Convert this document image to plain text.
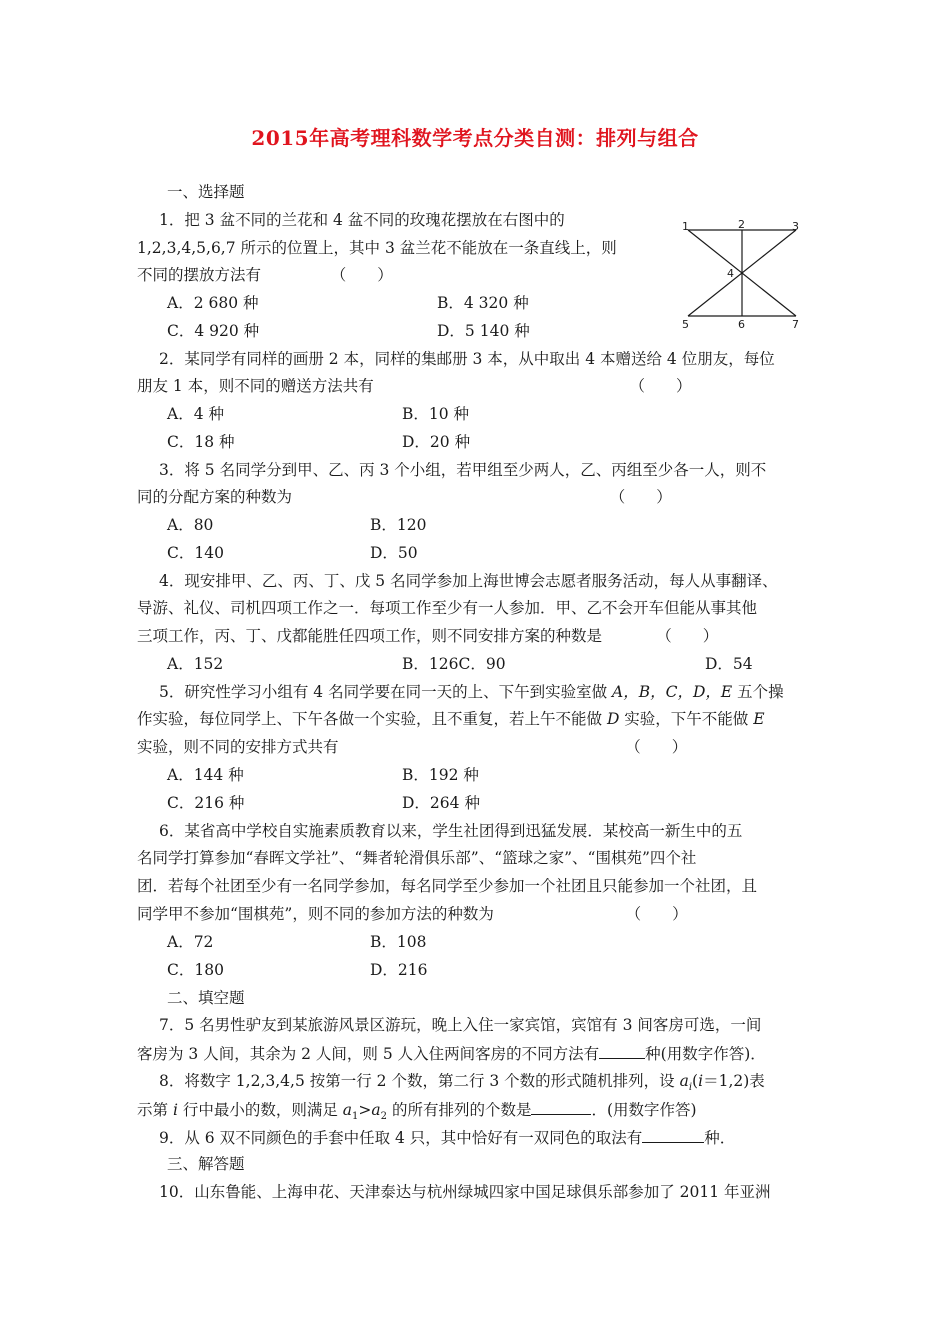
2015年高考理科数学考点分类自测：排列与组合
一、选择题
1．把 3 盆不同的兰花和 4 盆不同的玫瑰花摆放在右图中的
1,2,3,4,5,6,7 所示的位置上，其中 3 盆兰花不能放在一条直线上，则
不同的摆放方法有　　　　　（　　）
A．2 680 种	B．4 320 种
C．4 920 种	D．5 140 种
1	2	3
4
5	6	7
2．某同学有同样的画册 2 本，同样的集邮册 3 本，从中取出 4 本赠送给 4 位朋友，每位
朋友 1 本，则不同的赠送方法共有　　　　　　　　　　　　　　　　　（　　）
A．4 种	B．10 种
C．18 种	D．20 种
3．将 5 名同学分到甲、乙、丙 3 个小组，若甲组至少两人，乙、丙组至少各一人，则不
同的分配方案的种数为　　　　　　　　　　　　　　　　　　　　　（　　）
A．80	B．120
C．140	D．50
4．现安排甲、乙、丙、丁、戊 5 名同学参加上海世博会志愿者服务活动，每人从事翻译、
导游、礼仪、司机四项工作之一．每项工作至少有一人参加．甲、乙不会开车但能从事其他
三项工作，丙、丁、戊都能胜任四项工作，则不同安排方案的种数是　　　　（　　）
A．152	B．126C．90	D．54
5．研究性学习小组有 4 名同学要在同一天的上、下午到实验室做 A，B，C，D，E 五个操
作实验，每位同学上、下午各做一个实验，且不重复，若上午不能做 D 实验，下午不能做 E
实验，则不同的安排方式共有　　　　　　　　　　　　　　　　　　　（　　）
A．144 种	B．192 种
C．216 种	D．264 种
6．某省高中学校自实施素质教育以来，学生社团得到迅猛发展．某校高一新生中的五
名同学打算参加“春晖文学社”、“舞者轮滑俱乐部”、“篮球之家”、“围棋苑”四个社
团．若每个社团至少有一名同学参加，每名同学至少参加一个社团且只能参加一个社团，且
同学甲不参加“围棋苑”，则不同的参加方法的种数为　　　　　　　　　（　　）
A．72	B．108
C．180	D．216
二、填空题
7．5 名男性驴友到某旅游风景区游玩，晚上入住一家宾馆，宾馆有 3 间客房可选，一间
客房为 3 人间，其余为 2 人间，则 5 人入住两间客房的不同方法有	种(用数字作答)．
8．将数字 1,2,3,4,5 按第一行 2 个数，第二行 3 个数的形式随机排列，设 $a_i(i=1,2)$表
示第 i 行中最小的数，则满足 $a_1>a_2$ 的所有排列的个数是	．(用数字作答)
9．从 6 双不同颜色的手套中任取 4 只，其中恰好有一双同色的取法有	种．
三、解答题
10．山东鲁能、上海申花、天津泰达与杭州绿城四家中国足球俱乐部参加了 2011 年亚洲
